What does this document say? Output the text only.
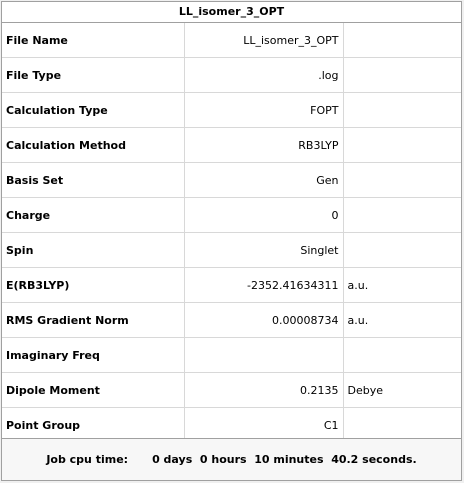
LL_isomer_3_OPT
File Name	LL_isomer_3_OPT	
File Type	.log	
Calculation Type	FOPT	
Calculation Method	RB3LYP	
Basis Set	Gen	
Charge	0	
Spin	Singlet	
E(RB3LYP)	-2352.41634311	a.u.
RMS Gradient Norm	0.00008734	a.u.
Imaginary Freq		
Dipole Moment	0.2135	Debye
Point Group	C1	
Job cpu time: 0 days  0 hours  10 minutes  40.2 seconds.
